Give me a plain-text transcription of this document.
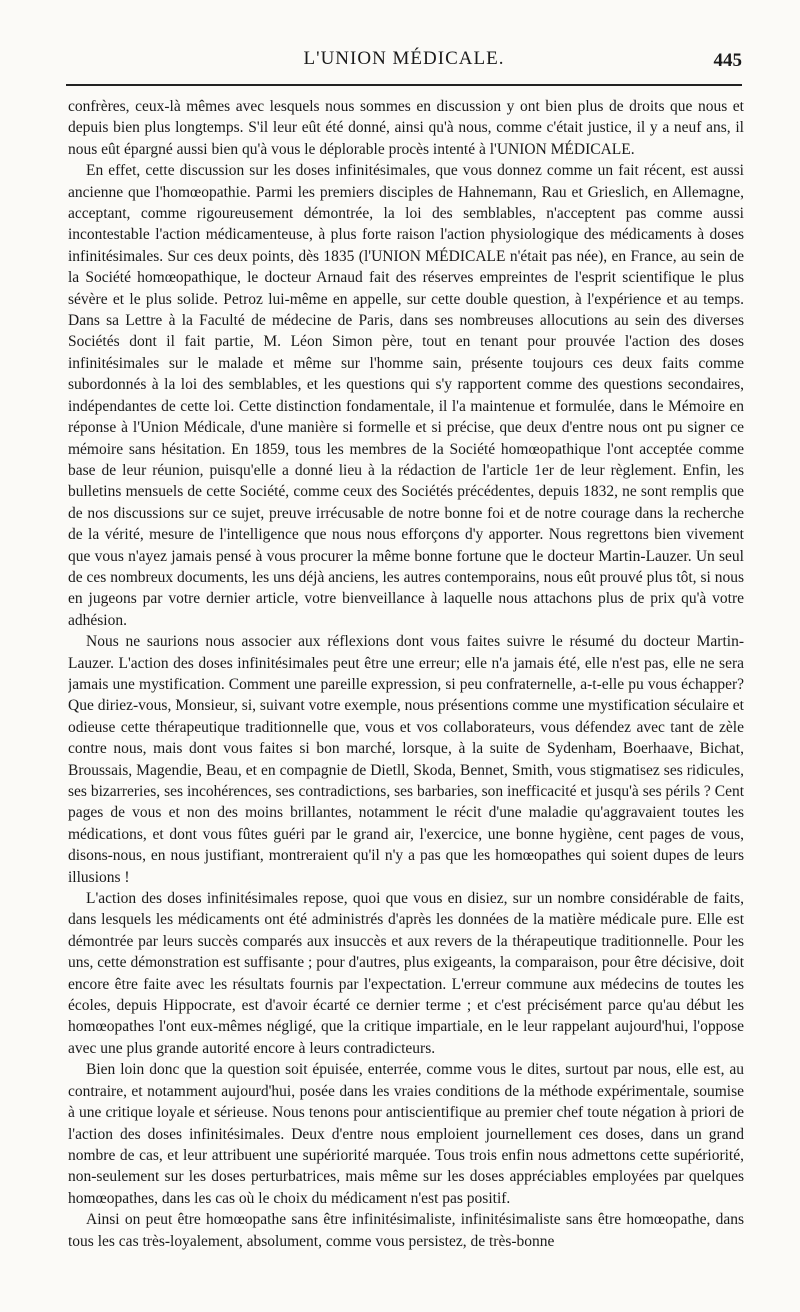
L'UNION MÉDICALE.	445

confrères, ceux-là mêmes avec lesquels nous sommes en discussion y ont bien plus de droits que nous et depuis bien plus longtemps. S'il leur eût été donné, ainsi qu'à nous, comme c'était justice, il y a neuf ans, il nous eût épargné aussi bien qu'à vous le déplorable procès intenté à l'UNION MÉDICALE.

En effet, cette discussion sur les doses infinitésimales, que vous donnez comme un fait récent, est aussi ancienne que l'homœopathie. Parmi les premiers disciples de Hahnemann, Rau et Grieslich, en Allemagne, acceptant, comme rigoureusement démontrée, la loi des semblables, n'acceptent pas comme aussi incontestable l'action médicamenteuse, à plus forte raison l'action physiologique des médicaments à doses infinitésimales. Sur ces deux points, dès 1835 (l'UNION MÉDICALE n'était pas née), en France, au sein de la Société homœopathique, le docteur Arnaud fait des réserves empreintes de l'esprit scientifique le plus sévère et le plus solide. Petroz lui-même en appelle, sur cette double question, à l'expérience et au temps. Dans sa Lettre à la Faculté de médecine de Paris, dans ses nombreuses allocutions au sein des diverses Sociétés dont il fait partie, M. Léon Simon père, tout en tenant pour prouvée l'action des doses infinitésimales sur le malade et même sur l'homme sain, présente toujours ces deux faits comme subordonnés à la loi des semblables, et les questions qui s'y rapportent comme des questions secondaires, indépendantes de cette loi. Cette distinction fondamentale, il l'a maintenue et formulée, dans le Mémoire en réponse à l'Union Médicale, d'une manière si formelle et si précise, que deux d'entre nous ont pu signer ce mémoire sans hésitation. En 1859, tous les membres de la Société homœopathique l'ont acceptée comme base de leur réunion, puisqu'elle a donné lieu à la rédaction de l'article 1er de leur règlement. Enfin, les bulletins mensuels de cette Société, comme ceux des Sociétés précédentes, depuis 1832, ne sont remplis que de nos discussions sur ce sujet, preuve irrécusable de notre bonne foi et de notre courage dans la recherche de la vérité, mesure de l'intelligence que nous nous efforçons d'y apporter. Nous regrettons bien vivement que vous n'ayez jamais pensé à vous procurer la même bonne fortune que le docteur Martin-Lauzer. Un seul de ces nombreux documents, les uns déjà anciens, les autres contemporains, nous eût prouvé plus tôt, si nous en jugeons par votre dernier article, votre bienveillance à laquelle nous attachons plus de prix qu'à votre adhésion.

Nous ne saurions nous associer aux réflexions dont vous faites suivre le résumé du docteur Martin-Lauzer. L'action des doses infinitésimales peut être une erreur; elle n'a jamais été, elle n'est pas, elle ne sera jamais une mystification. Comment une pareille expression, si peu confraternelle, a-t-elle pu vous échapper? Que diriez-vous, Monsieur, si, suivant votre exemple, nous présentions comme une mystification séculaire et odieuse cette thérapeutique traditionnelle que, vous et vos collaborateurs, vous défendez avec tant de zèle contre nous, mais dont vous faites si bon marché, lorsque, à la suite de Sydenham, Boerhaave, Bichat, Broussais, Magendie, Beau, et en compagnie de Dietll, Skoda, Bennet, Smith, vous stigmatisez ses ridicules, ses bizarreries, ses incohérences, ses contradictions, ses barbaries, son inefficacité et jusqu'à ses périls ? Cent pages de vous et non des moins brillantes, notamment le récit d'une maladie qu'aggravaient toutes les médications, et dont vous fûtes guéri par le grand air, l'exercice, une bonne hygiène, cent pages de vous, disons-nous, en nous justifiant, montreraient qu'il n'y a pas que les homœopathes qui soient dupes de leurs illusions !

L'action des doses infinitésimales repose, quoi que vous en disiez, sur un nombre considérable de faits, dans lesquels les médicaments ont été administrés d'après les données de la matière médicale pure. Elle est démontrée par leurs succès comparés aux insuccès et aux revers de la thérapeutique traditionnelle. Pour les uns, cette démonstration est suffisante ; pour d'autres, plus exigeants, la comparaison, pour être décisive, doit encore être faite avec les résultats fournis par l'expectation. L'erreur commune aux médecins de toutes les écoles, depuis Hippocrate, est d'avoir écarté ce dernier terme ; et c'est précisément parce qu'au début les homœopathes l'ont eux-mêmes négligé, que la critique impartiale, en le leur rappelant aujourd'hui, l'oppose avec une plus grande autorité encore à leurs contradicteurs.

Bien loin donc que la question soit épuisée, enterrée, comme vous le dites, surtout par nous, elle est, au contraire, et notamment aujourd'hui, posée dans les vraies conditions de la méthode expérimentale, soumise à une critique loyale et sérieuse. Nous tenons pour antiscientifique au premier chef toute négation à priori de l'action des doses infinitésimales. Deux d'entre nous emploient journellement ces doses, dans un grand nombre de cas, et leur attribuent une supériorité marquée. Tous trois enfin nous admettons cette supériorité, non-seulement sur les doses perturbatrices, mais même sur les doses appréciables employées par quelques homœopathes, dans les cas où le choix du médicament n'est pas positif.

Ainsi on peut être homœopathe sans être infinitésimaliste, infinitésimaliste sans être homœopathe, dans tous les cas très-loyalement, absolument, comme vous persistez, de très-bonne
